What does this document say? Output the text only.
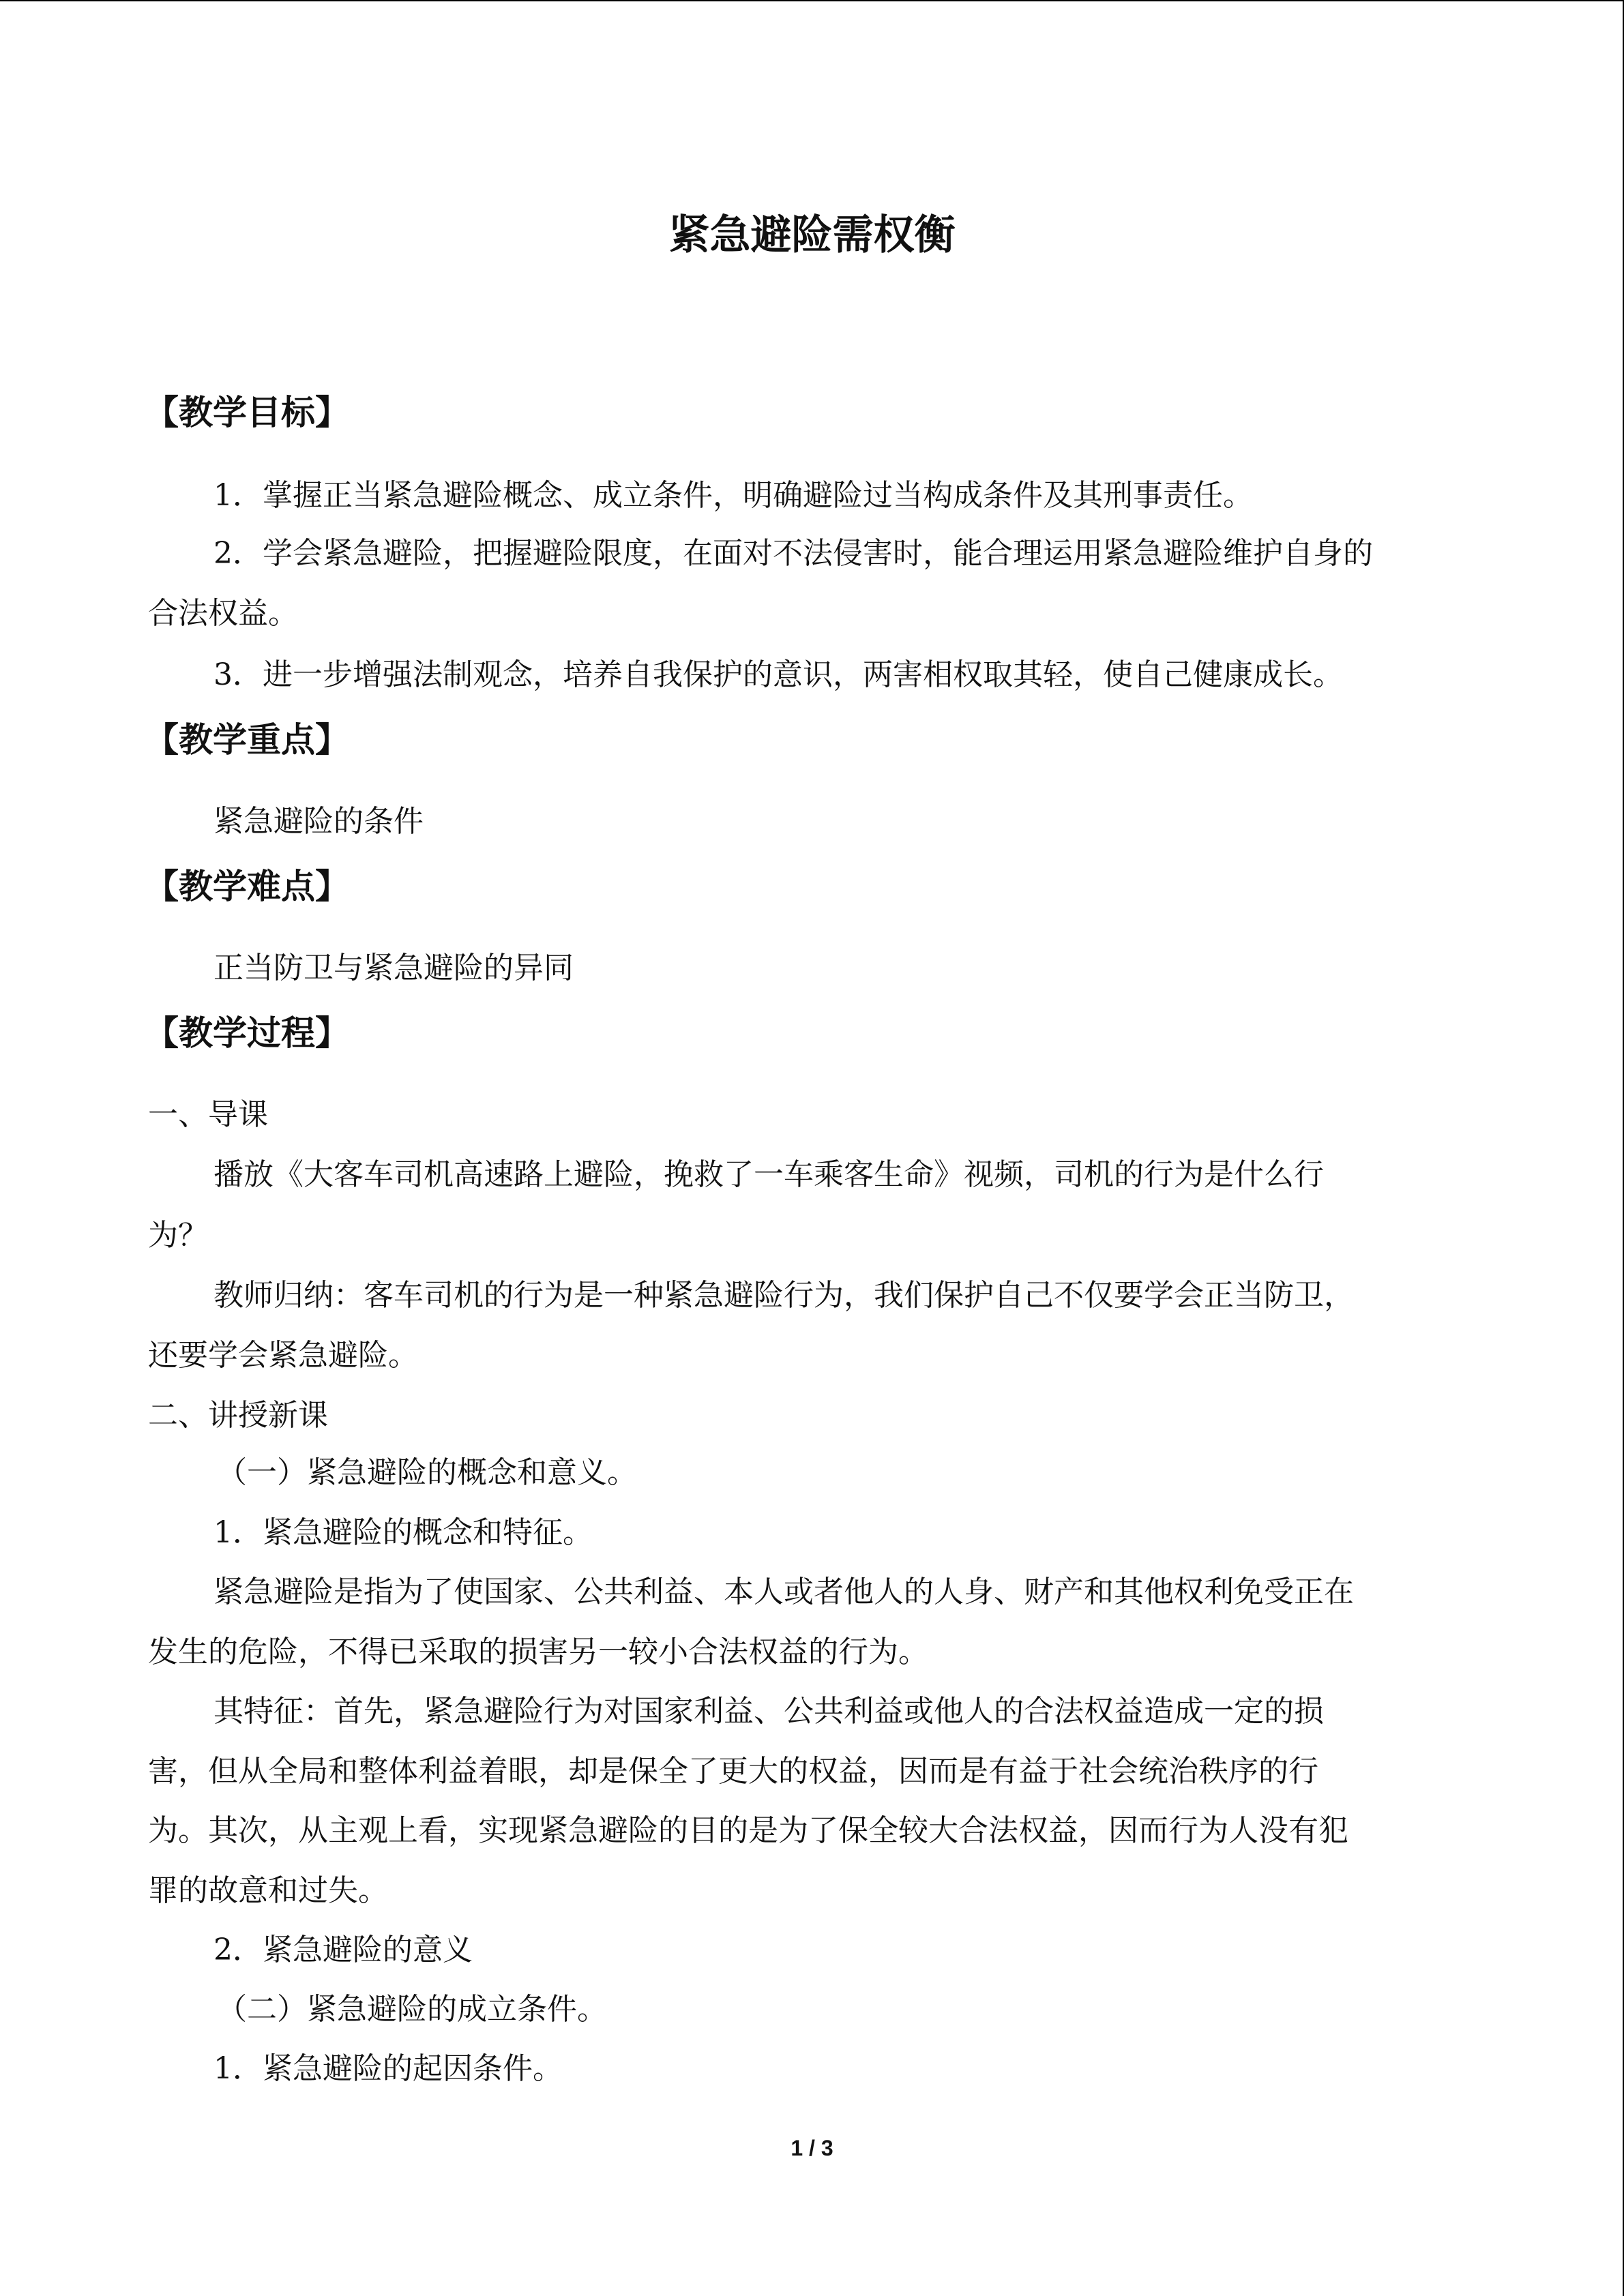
紧急避险需权衡
【教学目标】
1．掌握正当紧急避险概念、成立条件，明确避险过当构成条件及其刑事责任。
2．学会紧急避险，把握避险限度，在面对不法侵害时，能合理运用紧急避险维护自身的
合法权益。
3．进一步增强法制观念，培养自我保护的意识，两害相权取其轻，使自己健康成长。
【教学重点】
紧急避险的条件
【教学难点】
正当防卫与紧急避险的异同
【教学过程】
一、导课
播放《大客车司机高速路上避险，挽救了一车乘客生命》视频，司机的行为是什么行
为？
教师归纳：客车司机的行为是一种紧急避险行为，我们保护自己不仅要学会正当防卫，
还要学会紧急避险。
二、讲授新课
（一）紧急避险的概念和意义。
1．紧急避险的概念和特征。
紧急避险是指为了使国家、公共利益、本人或者他人的人身、财产和其他权利免受正在
发生的危险，不得已采取的损害另一较小合法权益的行为。
其特征：首先，紧急避险行为对国家利益、公共利益或他人的合法权益造成一定的损
害，但从全局和整体利益着眼，却是保全了更大的权益，因而是有益于社会统治秩序的行
为。其次，从主观上看，实现紧急避险的目的是为了保全较大合法权益，因而行为人没有犯
罪的故意和过失。
2．紧急避险的意义
（二）紧急避险的成立条件。
1．紧急避险的起因条件。
1 / 3
